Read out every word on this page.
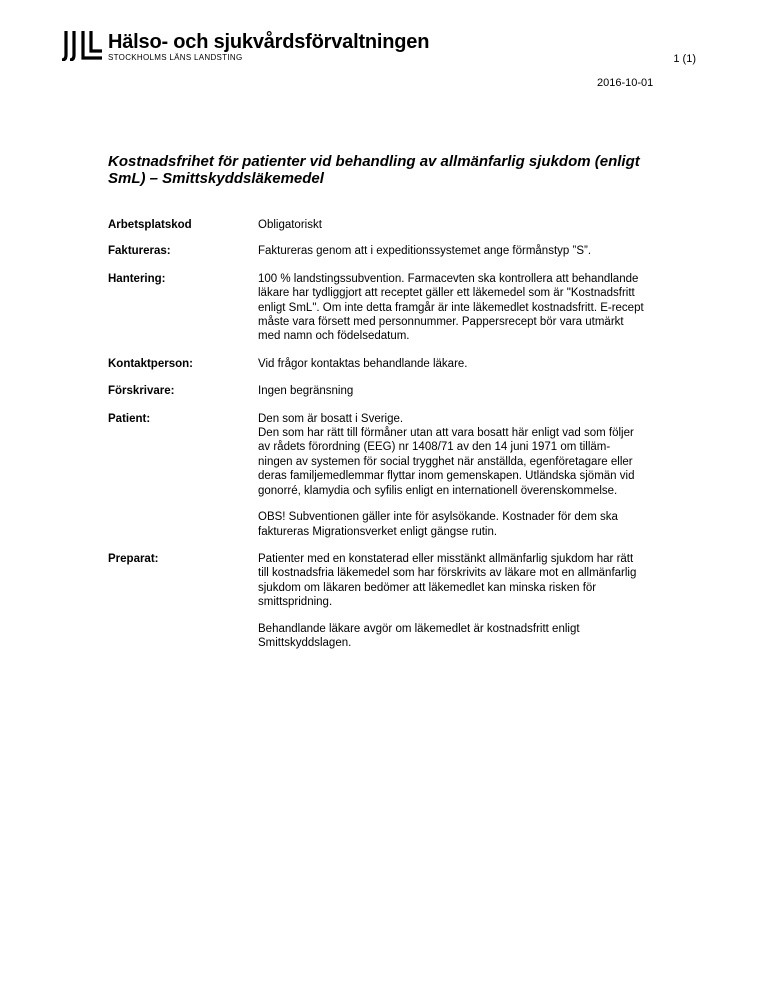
Hälso- och sjukvårdsförvaltningen
STOCKHOLMS LÄNS LANDSTING	1 (1)
2016-10-01
Kostnadsfrihet för patienter vid behandling av allmänfarlig sjukdom (enligt SmL) – Smittskyddsläkemedel
Arbetsplatskod	Obligatoriskt

Faktureras:	Faktureras genom att i expeditionssystemet ange förmånstyp ”S”.

Hantering:	100 % landstingssubvention. Farmacevten ska kontrollera att behandlande
läkare har tydliggjort att receptet gäller ett läkemedel som är "Kostnadsfritt
enligt SmL". Om inte detta framgår är inte läkemedlet kostnadsfritt. E-recept
måste vara försett med personnummer. Pappersrecept bör vara utmärkt
med namn och födelsedatum.

Kontaktperson:	Vid frågor kontaktas behandlande läkare.

Förskrivare:	Ingen begränsning

Patient:	Den som är bosatt i Sverige.
Den som har rätt till förmåner utan att vara bosatt här enligt vad som följer
av rådets förordning (EEG) nr 1408/71 av den 14 juni 1971 om tilläm-
ningen av systemen för social trygghet när anställda, egenföretagare eller
deras familjemedlemmar flyttar inom gemenskapen. Utländska sjömän vid
gonorré, klamydia och syfilis enligt en internationell överenskommelse.

OBS! Subventionen gäller inte för asylsökande. Kostnader för dem ska
faktureras Migrationsverket enligt gängse rutin.

Preparat:	Patienter med en konstaterad eller misstänkt allmänfarlig sjukdom har rätt
till kostnadsfria läkemedel som har förskrivits av läkare mot en allmänfarlig
sjukdom om läkaren bedömer att läkemedlet kan minska risken för
smittspridning.

Behandlande läkare avgör om läkemedlet är kostnadsfritt enligt
Smittskyddslagen.
